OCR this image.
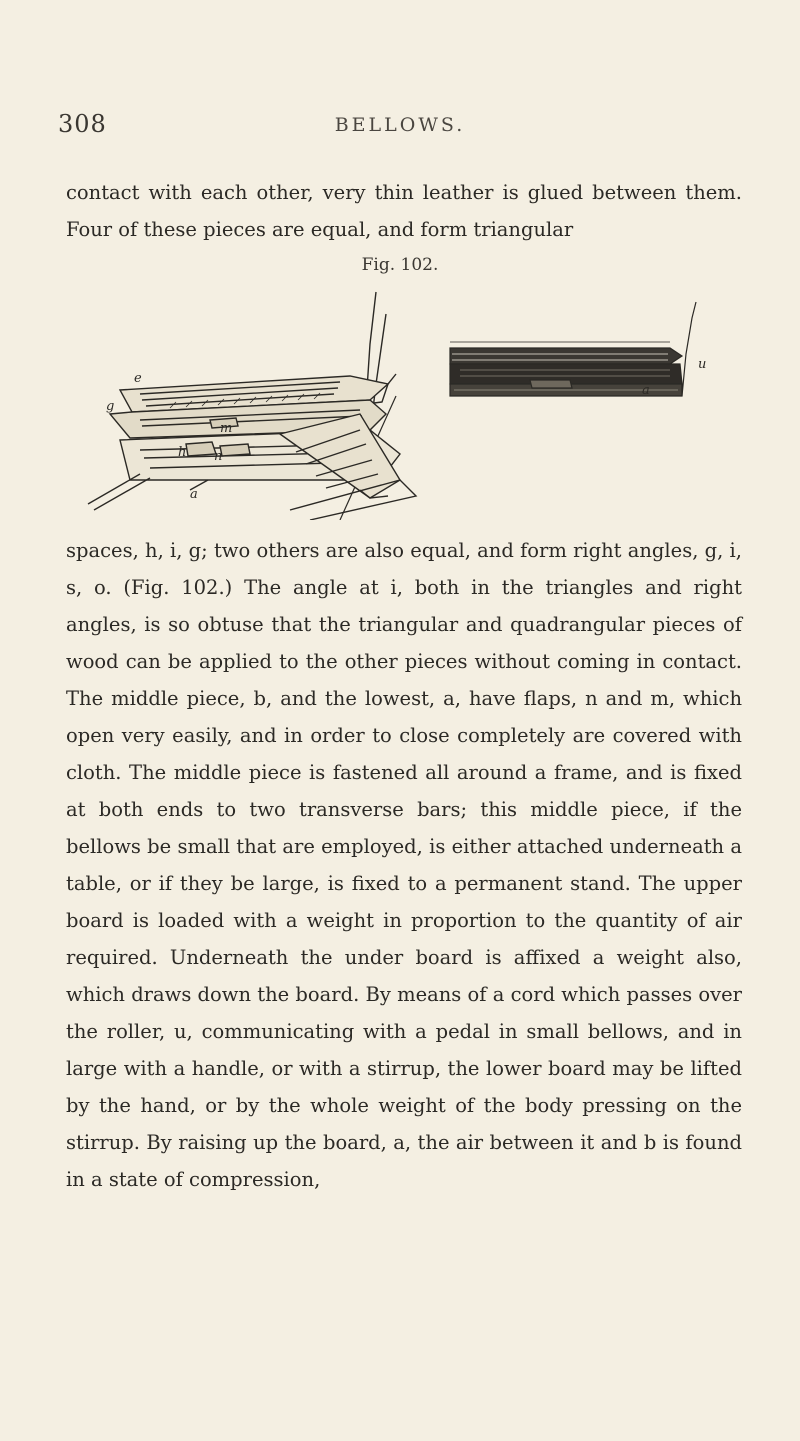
308	BELLOWS.

contact with each other, very thin leather is glued between them. Four of these pieces are equal, and form triangular

Fig. 102.
e
g
m
h n
a
u
a

spaces, h, i, g; two others are also equal, and form right angles, g, i, s, o. (Fig. 102.) The angle at i, both in the triangles and right angles, is so obtuse that the triangular and quadrangular pieces of wood can be applied to the other pieces without coming in contact. The middle piece, b, and the lowest, a, have flaps, n and m, which open very easily, and in order to close completely are covered with cloth. The middle piece is fastened all around a frame, and is fixed at both ends to two transverse bars; this middle piece, if the bellows be small that are employed, is either attached underneath a table, or if they be large, is fixed to a permanent stand. The upper board is loaded with a weight in proportion to the quantity of air required. Underneath the under board is affixed a weight also, which draws down the board. By means of a cord which passes over the roller, u, communicating with a pedal in small bellows, and in large with a handle, or with a stirrup, the lower board may be lifted by the hand, or by the whole weight of the body pressing on the stirrup. By raising up the board, a, the air between it and b is found in a state of compression,
